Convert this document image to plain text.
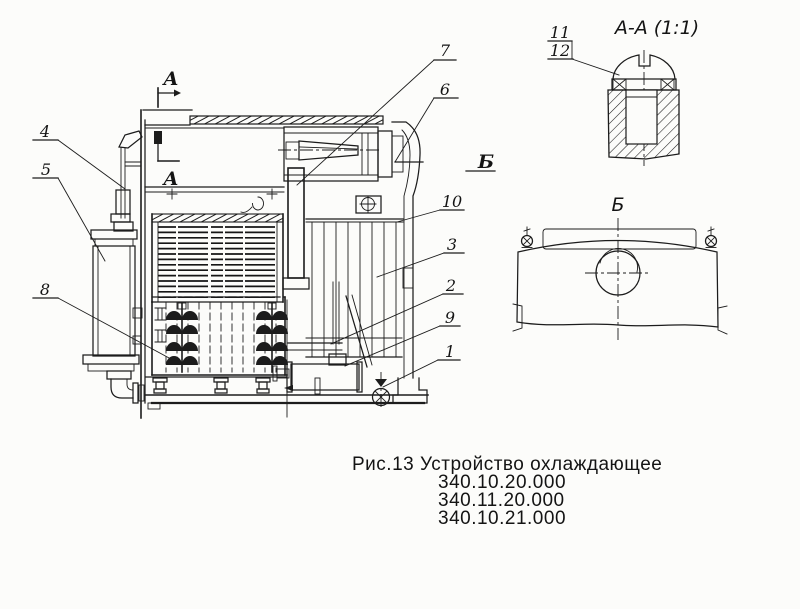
А
А
Б
7
6
10
3
2
9
1
4
5
8
А-А (1:1)
11
12
Б
Рис.13 Устройство охлаждающее
340.10.20.000
340.11.20.000
340.10.21.000
